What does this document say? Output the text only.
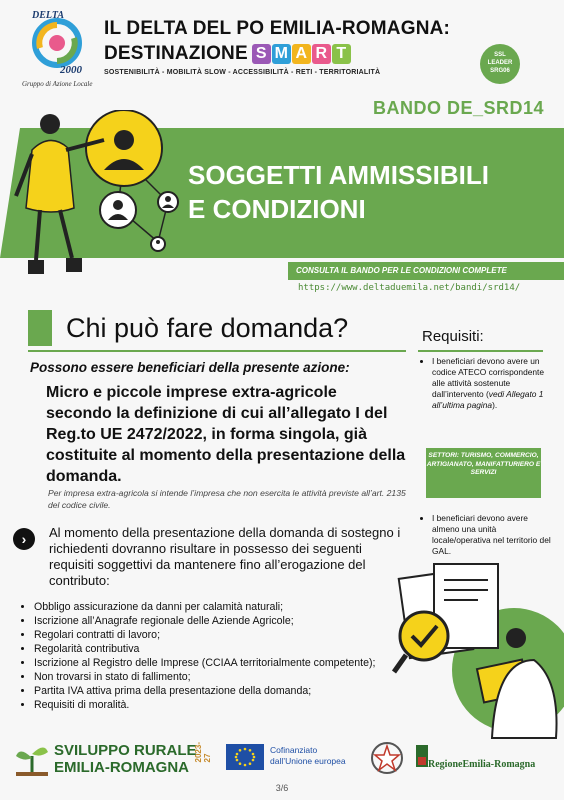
DELTA
2000
Gruppo di Azione Locale
IL DELTA DEL PO EMILIA-ROMAGNA:
DESTINAZIONE S M A R T
SOSTENIBILITÀ - MOBILITÀ SLOW - ACCESSIBILITÀ - RETI - TERRITORIALITÀ
SSL
LEADER
SRG06
BANDO DE_SRD14
SOGGETTI AMMISSIBILI
E CONDIZIONI
CONSULTA IL BANDO PER LE CONDIZIONI COMPLETE
https://www.deltaduemila.net/bandi/srd14/
Chi può fare domanda?
Possono essere beneficiari della presente azione:
Micro e piccole imprese extra-agricole secondo la definizione di cui all’allegato I del Reg.to UE 2472/2022, in forma singola, già costituite al momento della presentazione della domanda.
Per impresa extra-agricola si intende l’impresa che non esercita le attività previste all’art. 2135 del codice civile.
›	Al momento della presentazione della domanda di sostegno i richiedenti dovranno risultare in possesso dei seguenti requisiti soggettivi da mantenere fino all’erogazione del contributo:
• Obbligo assicurazione da danni per calamità naturali;
• Iscrizione all’Anagrafe regionale delle Aziende Agricole;
• Regolari contratti di lavoro;
• Regolarità contributiva
• Iscrizione al Registro delle Imprese (CCIAA territorialmente competente);
• Non trovarsi in stato di fallimento;
• Partita IVA attiva prima della presentazione della domanda;
• Requisiti di moralità.
Requisiti:
• I beneficiari devono avere un codice ATECO corrispondente alle attività sostenute dall’intervento (vedi Allegato 1 all’ultima pagina).
SETTORI: TURISMO, COMMERCIO, ARTIGIANATO, MANIFATTURIERO E SERVIZI
• I beneficiari devono avere almeno una unità locale/operativa nel territorio del GAL.
SVILUPPO RURALE
EMILIA-ROMAGNA
2023-27
Cofinanziato
dall’Unione europea	RegioneEmilia-Romagna
3/6
